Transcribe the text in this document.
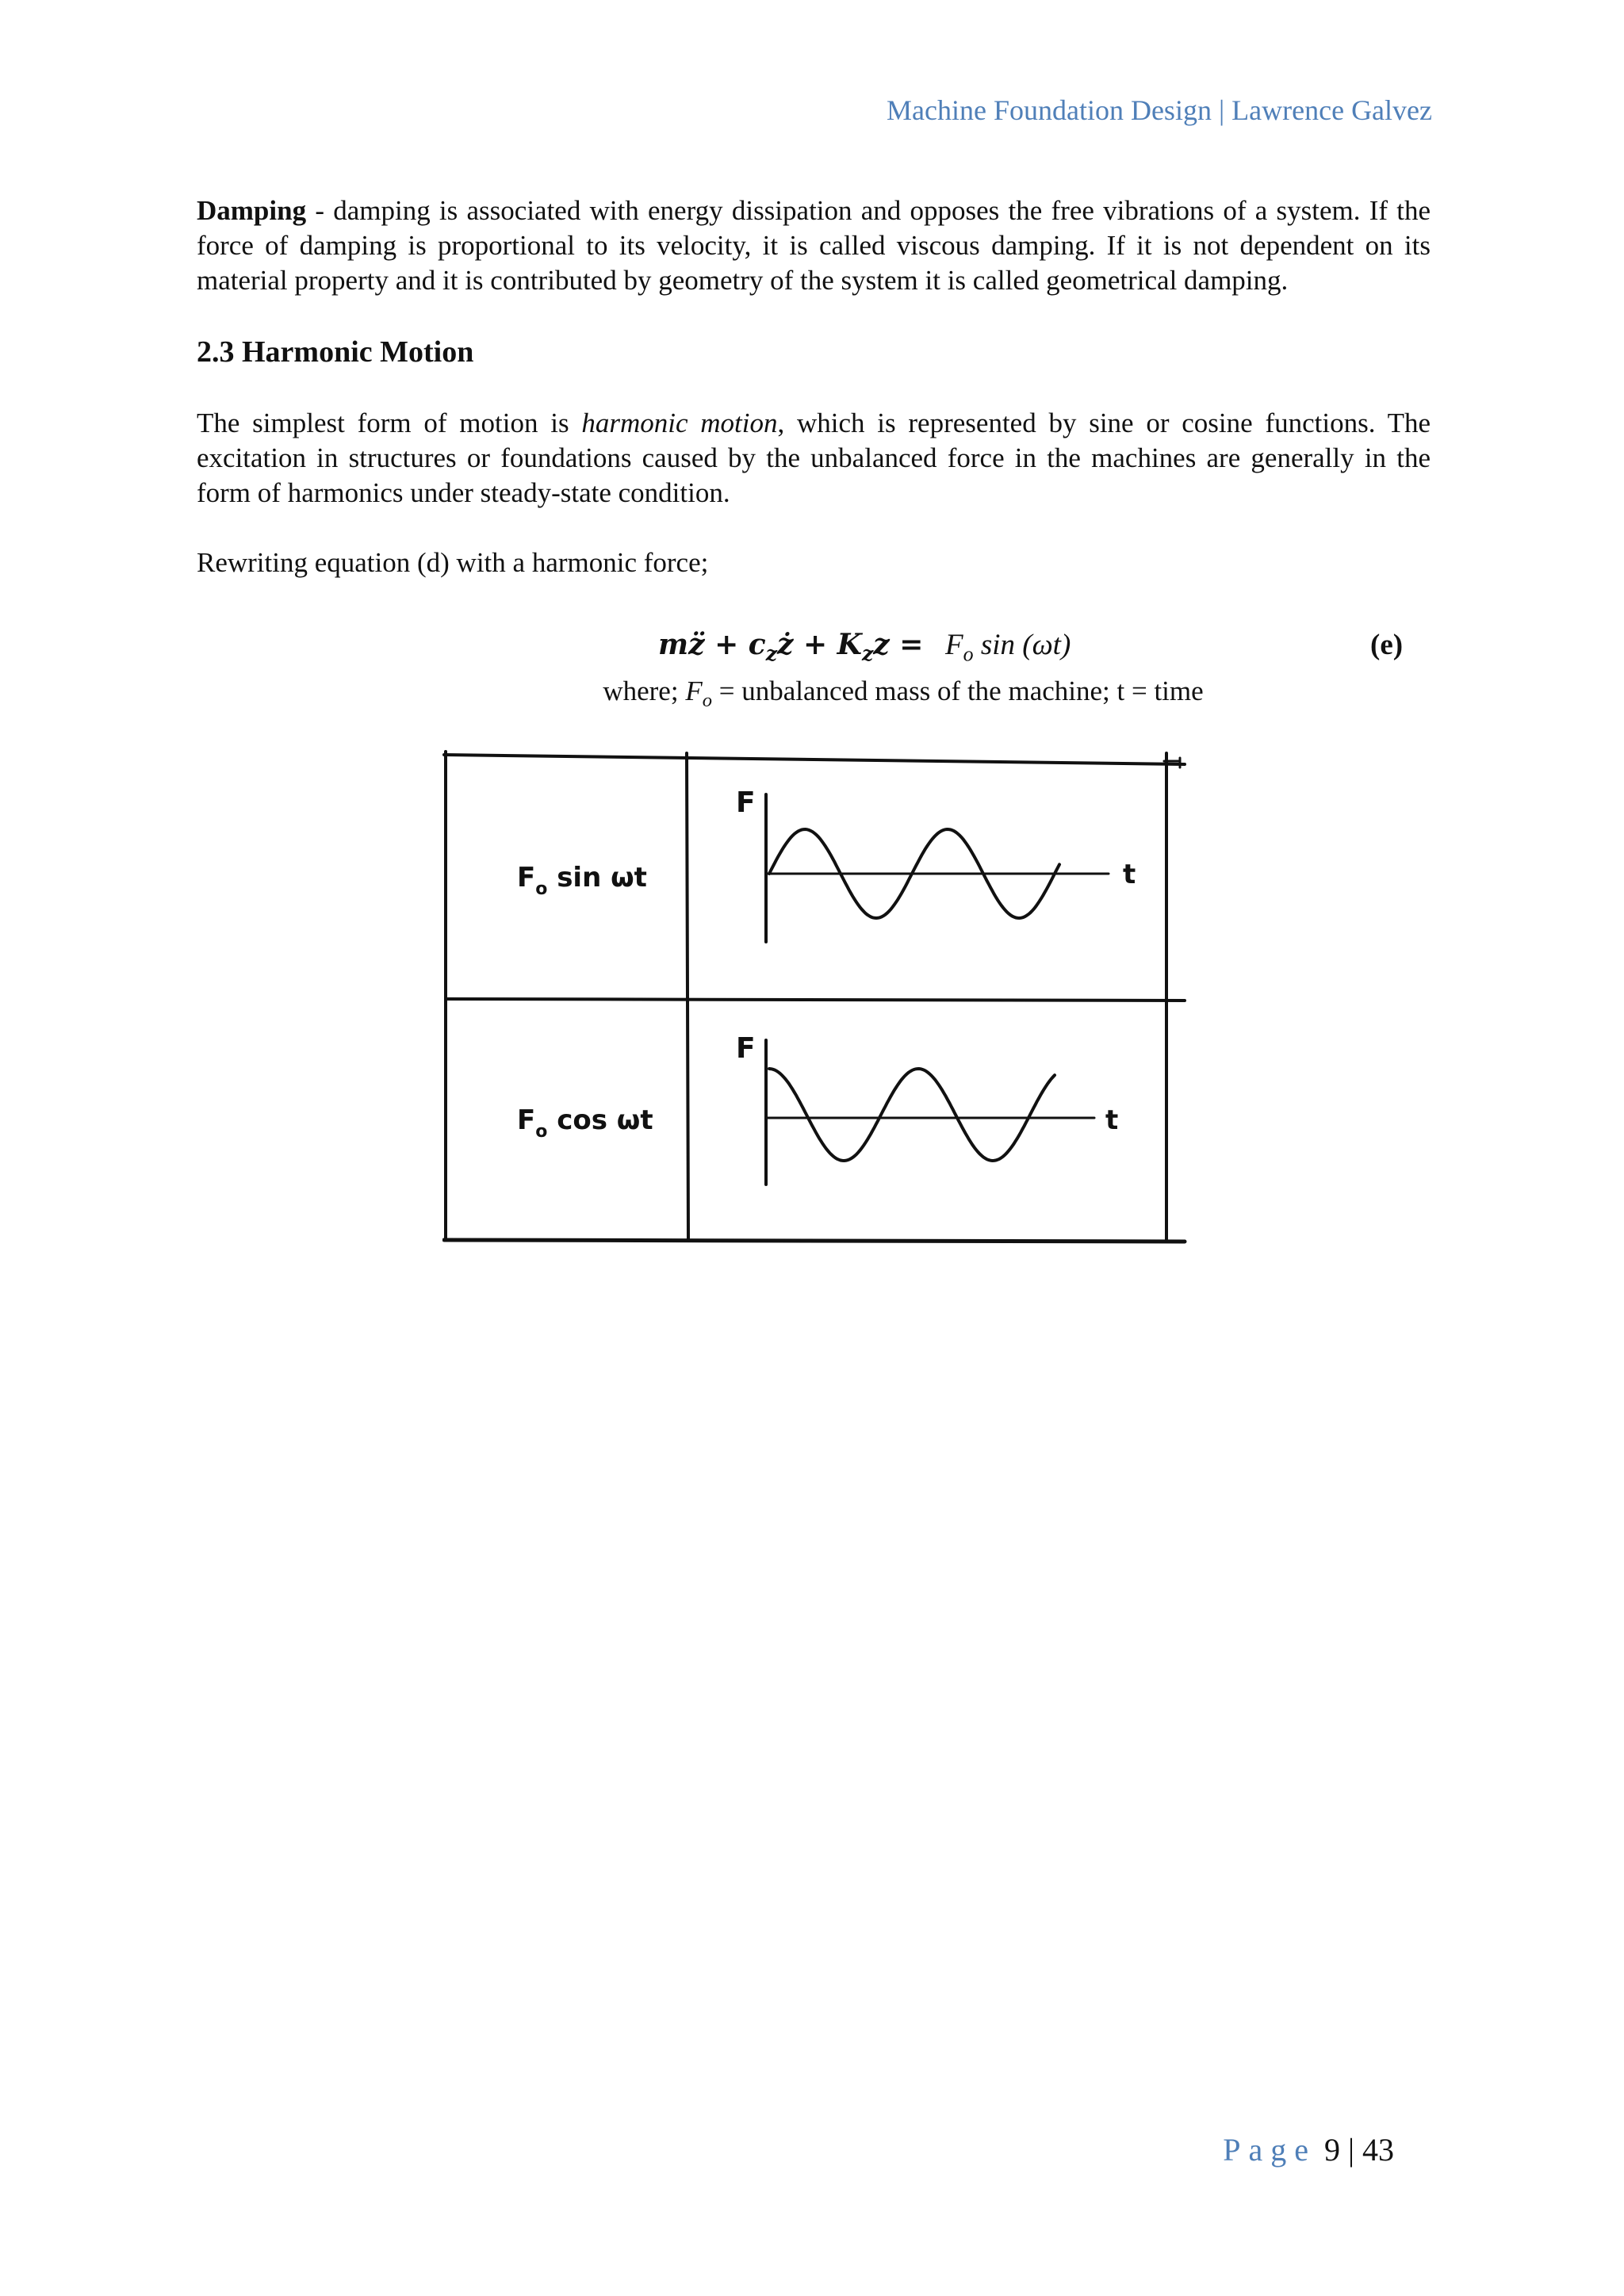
Machine Foundation Design | Lawrence Galvez

Damping - damping is associated with energy dissipation and opposes the free vibrations of a system. If the force of damping is proportional to its velocity, it is called viscous damping. If it is not dependent on its material property and it is contributed by geometry of the system it is called geometrical damping.

2.3 Harmonic Motion

The simplest form of motion is harmonic motion, which is represented by sine or cosine functions. The excitation in structures or foundations caused by the unbalanced force in the machines are generally in the form of harmonics under steady-state condition.

Rewriting equation (d) with a harmonic force;

mz̈ + $c_zż + K_zz = F_o$ sin (ωt)	(e)
where; $F_o$ = unbalanced mass of the machine; t = time
F
t
F
t
$F_o$ sin ωt
$F_o$ cos ωt
Page 9 | 43
